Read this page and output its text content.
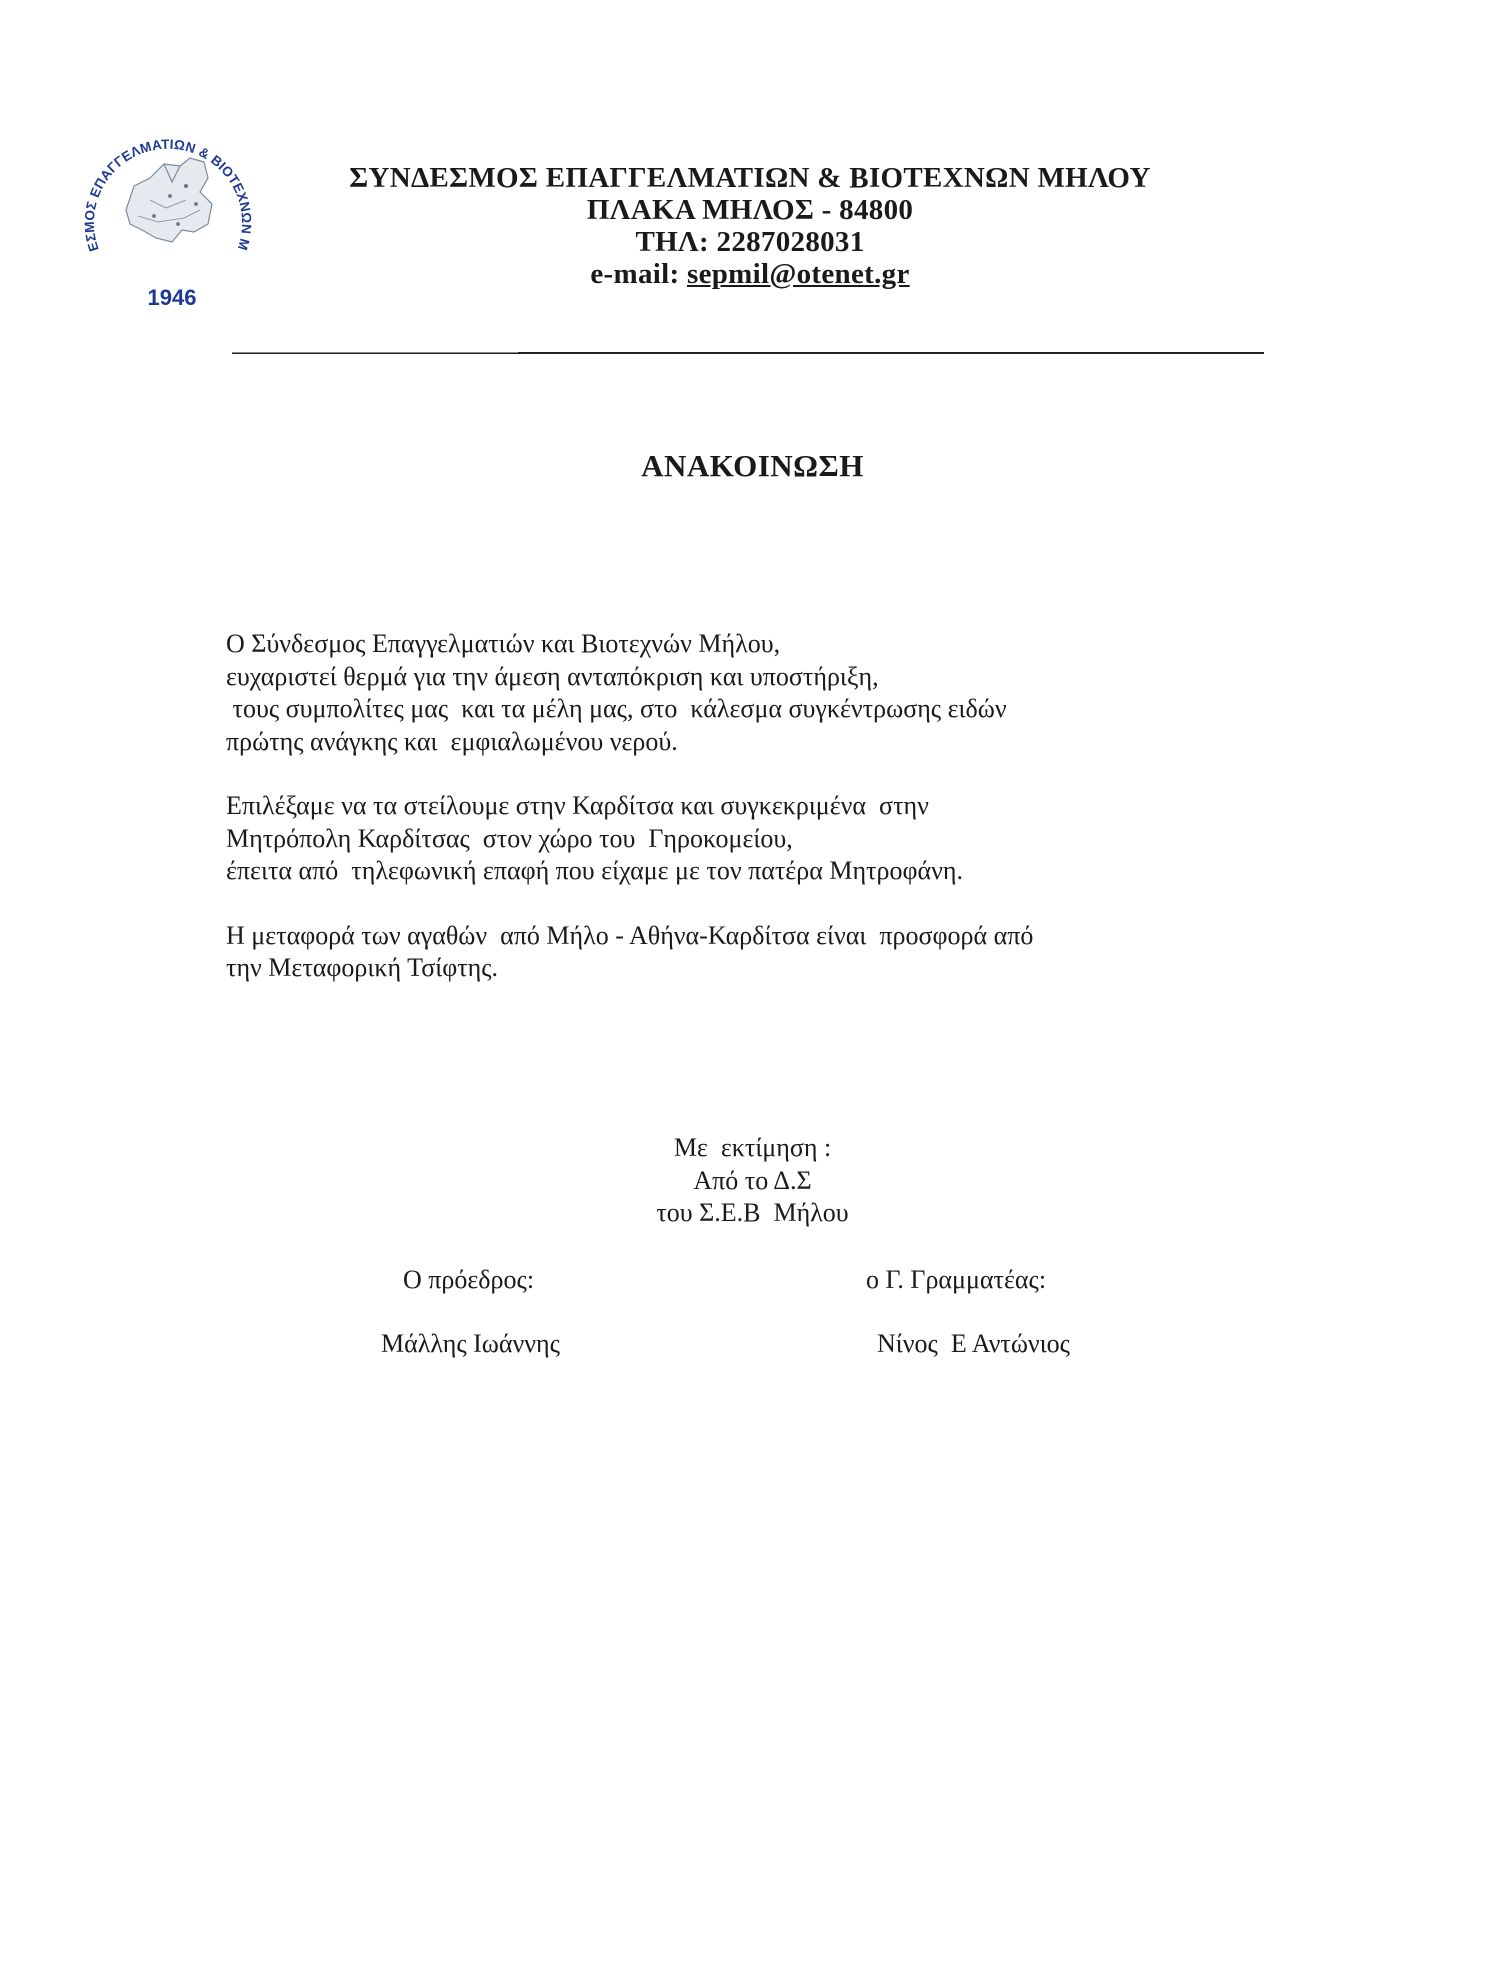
ΕΣΜΟΣ ΕΠΑΓΓΕΛΜΑΤΙΩΝ & ΒΙΟΤΕΧΝΩΝ Μ
1946
ΣΥΝΔΕΣΜΟΣ ΕΠΑΓΓΕΛΜΑΤΙΩΝ & ΒΙΟΤΕΧΝΩΝ ΜΗΛΟΥ
ΠΛΑΚΑ ΜΗΛΟΣ - 84800
ΤΗΛ: 2287028031
e-mail: sepmil@otenet.gr
ΑΝΑΚΟΙΝΩΣΗ

Ο Σύνδεσμος Επαγγελματιών και Βιοτεχνών Μήλου,
ευχαριστεί θερμά για την άμεση ανταπόκριση και υποστήριξη,
τους συμπολίτες μας  και τα μέλη μας, στο  κάλεσμα συγκέντρωσης ειδών
πρώτης ανάγκης και  εμφιαλωμένου νερού.

Επιλέξαμε να τα στείλουμε στην Καρδίτσα και συγκεκριμένα  στην
Μητρόπολη Καρδίτσας  στον χώρο του  Γηροκομείου,
έπειτα από  τηλεφωνική επαφή που είχαμε με τον πατέρα Μητροφάνη.

Η μεταφορά των αγαθών  από Μήλο - Αθήνα-Καρδίτσα είναι  προσφορά από
την Μεταφορική Τσίφτης.

Με  εκτίμηση :
Από το Δ.Σ
του Σ.Ε.Β  Μήλου
Ο πρόεδρος:	ο Γ. Γραμματέας:
Μάλλης Ιωάννης	Νίνος  Ε Αντώνιος
